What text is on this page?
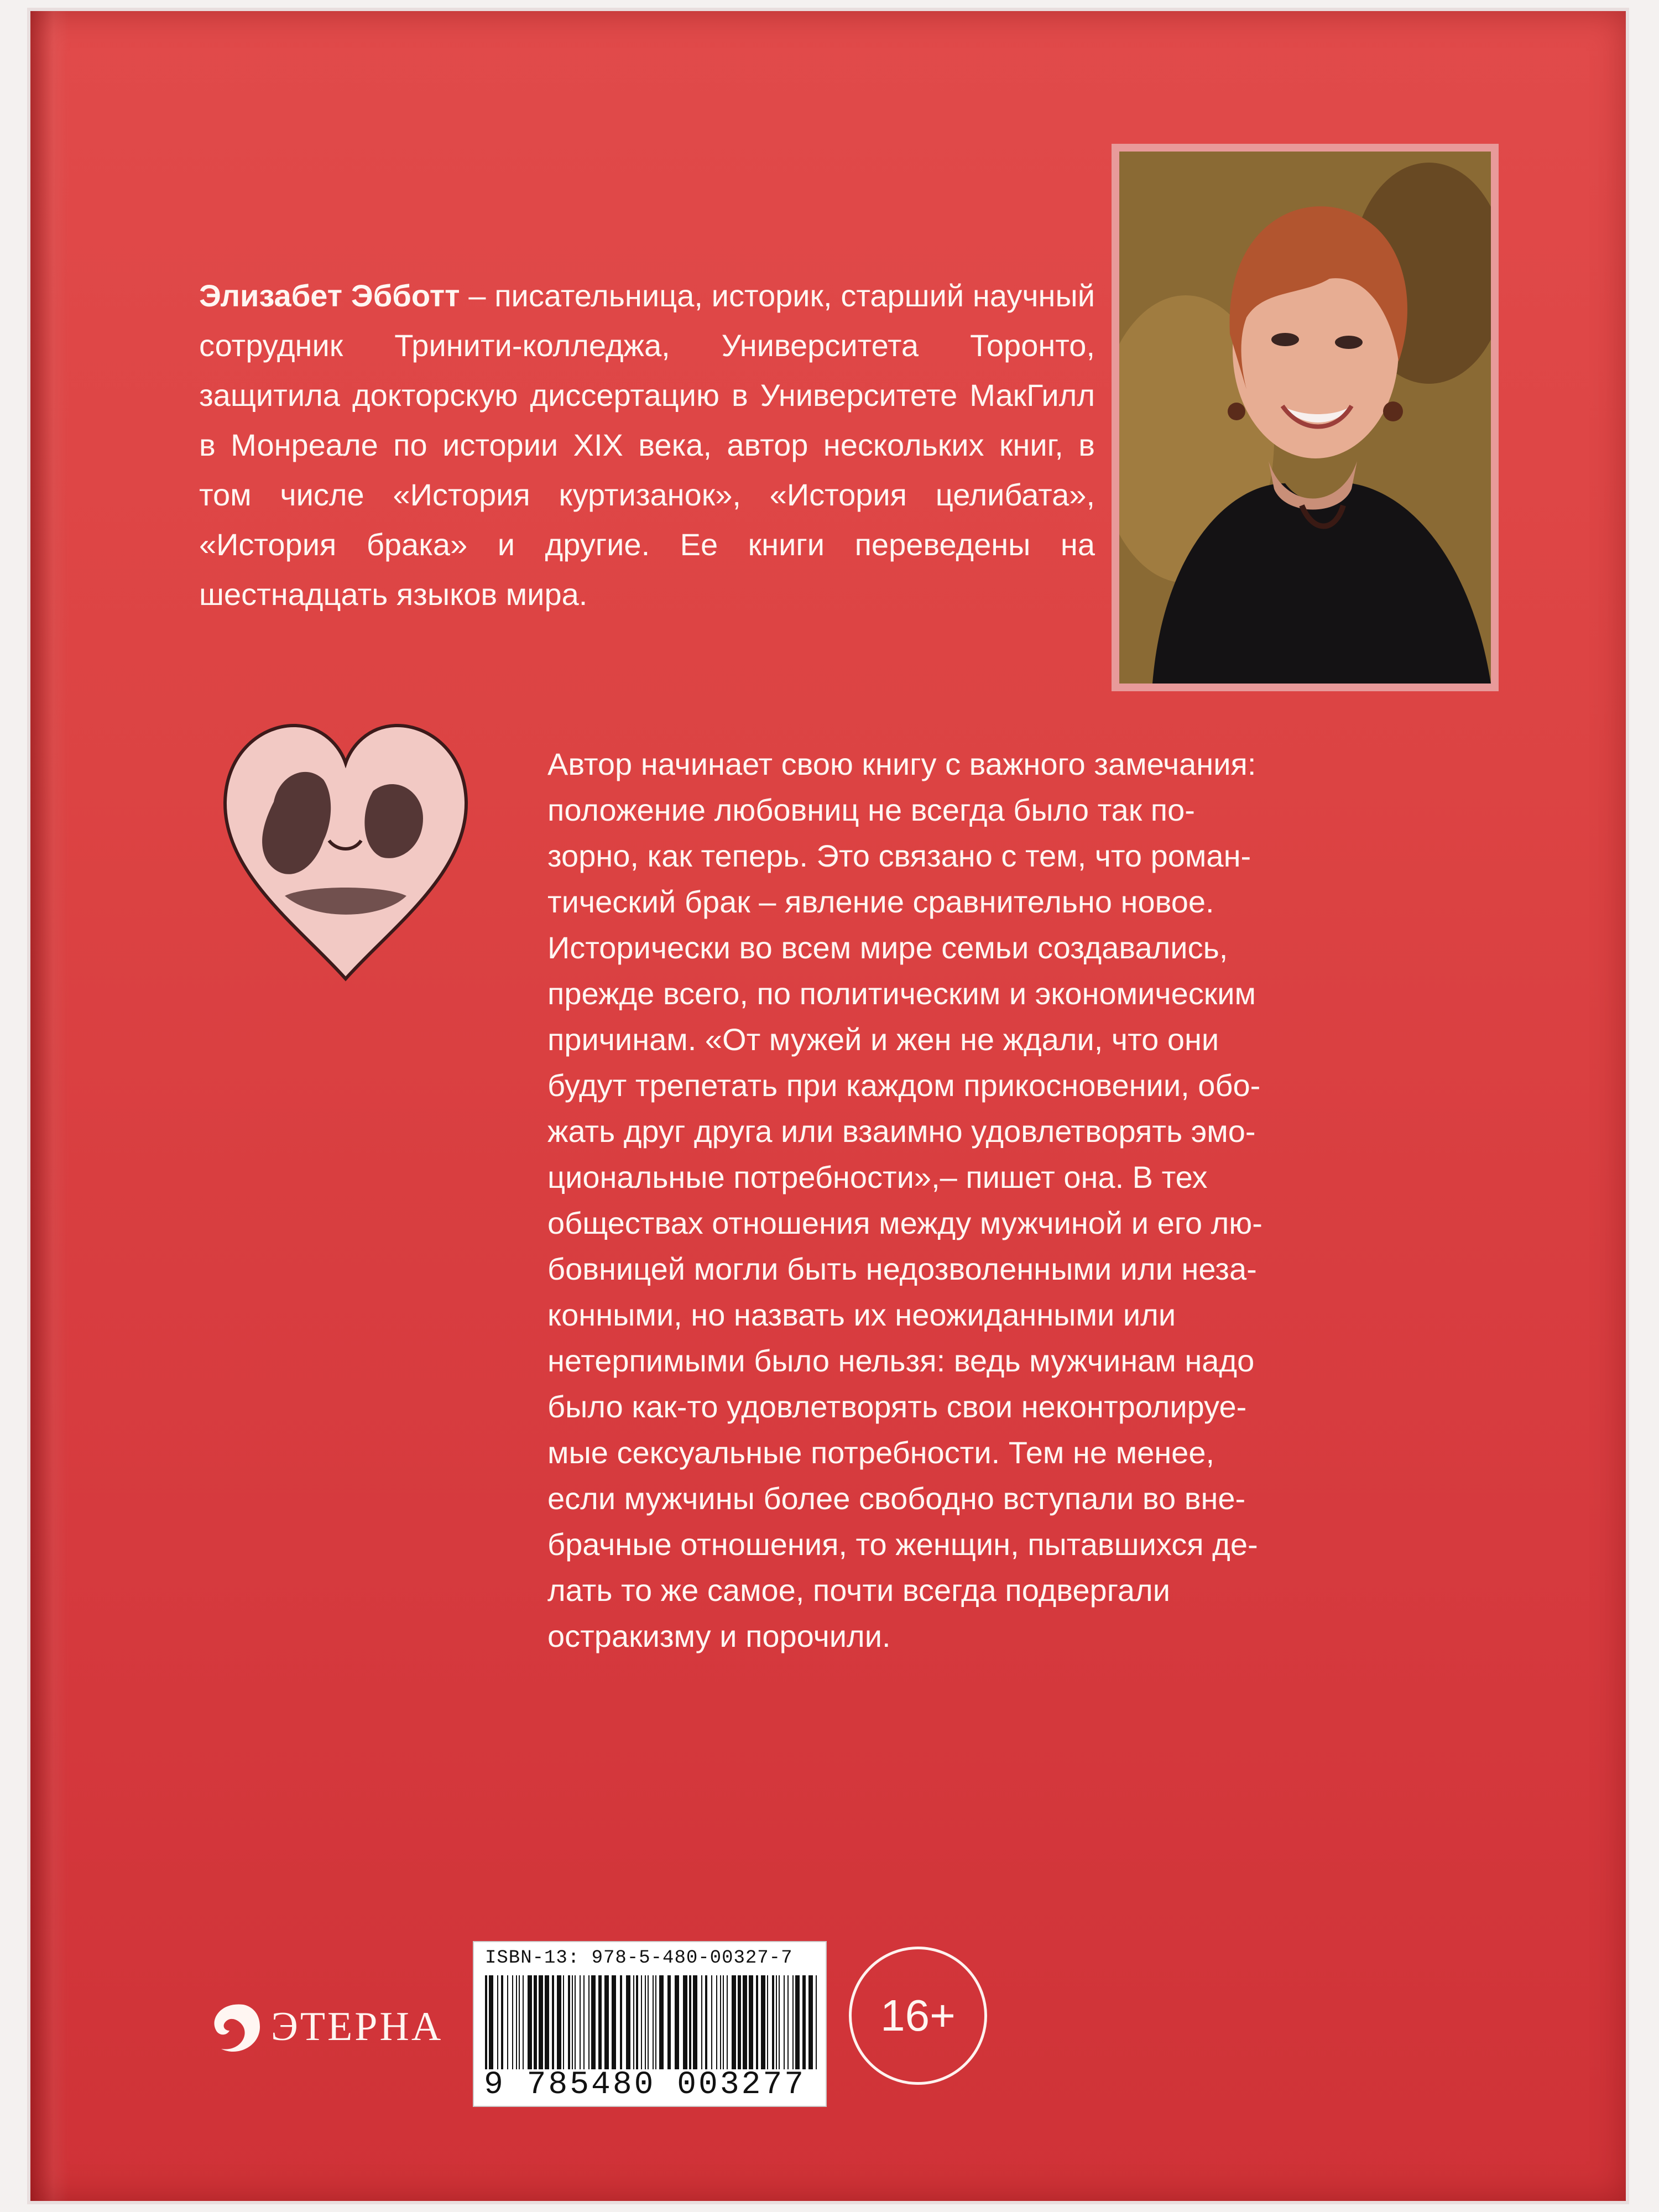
Элизабет Эбботт – писательница, историк, старший научный сотрудник Тринити-колледжа, Университета Торонто, защитила докторскую диссертацию в Университете МакГилл в Монреале по истории XIX века, автор нескольких книг, в том числе «История куртизанок», «История целибата», «История брака» и другие. Ее книги переведены на шестнадцать языков мира.

Автор начинает свою книгу с важного замечания:
положение любовниц не всегда было так по-
зорно, как теперь. Это связано с тем, что роман-
тический брак – явление сравнительно новое.
Исторически во всем мире семьи создавались,
прежде всего, по политическим и экономическим
причинам. «От мужей и жен не ждали, что они
будут трепетать при каждом прикосновении, обо-
жать друг друга или взаимно удовлетворять эмо-
циональные потребности»,– пишет она. В тех
обществах отношения между мужчиной и его лю-
бовницей могли быть недозволенными или неза-
конными, но назвать их неожиданными или
нетерпимыми было нельзя: ведь мужчинам надо
было как-то удовлетворять свои неконтролируе-
мые сексуальные потребности. Тем не менее,
если мужчины более свободно вступали во вне-
брачные отношения, то женщин, пытавшихся де-
лать то же самое, почти всегда подвергали
остракизму и порочили.

ЭТЕРНА
ISBN-13: 978-5-480-00327-7
9 785480 003277
16+
